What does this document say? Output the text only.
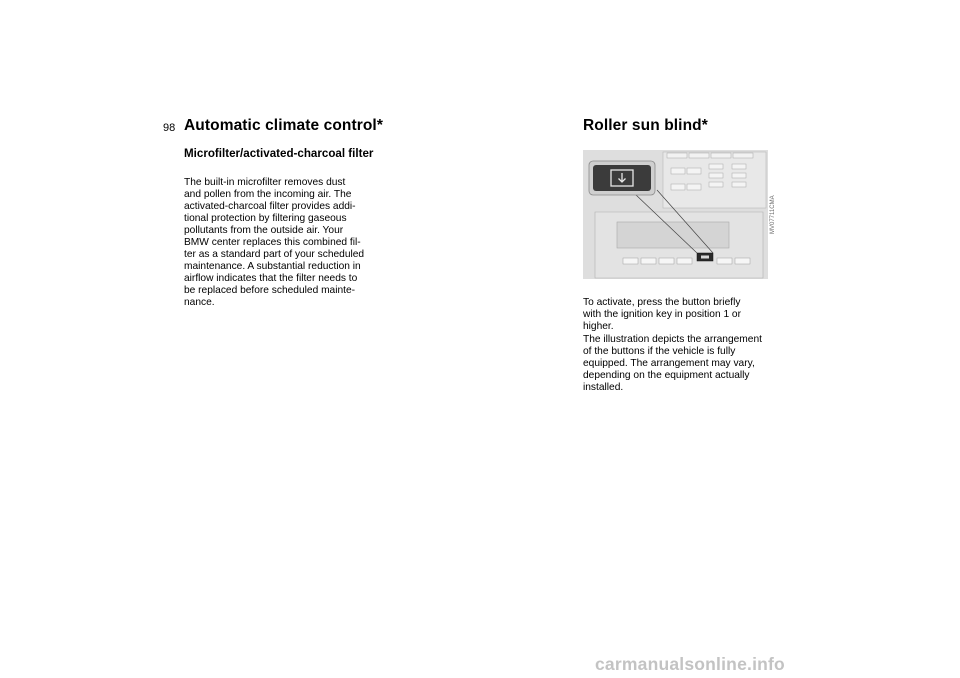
98 Automatic climate control*
Microfilter/activated-charcoal filter

The built-in microfilter removes dust
and pollen from the incoming air. The
activated-charcoal filter provides addi-
tional protection by filtering gaseous
pollutants from the outside air. Your
BMW center replaces this combined fil-
ter as a standard part of your scheduled
maintenance. A substantial reduction in
airflow indicates that the filter needs to
be replaced before scheduled mainte-
nance.

Roller sun blind*
MV07711CMA

To activate, press the button briefly
with the ignition key in position 1 or
higher.

The illustration depicts the arrangement
of the buttons if the vehicle is fully
equipped. The arrangement may vary,
depending on the equipment actually
installed.

carmanualsonline.info
